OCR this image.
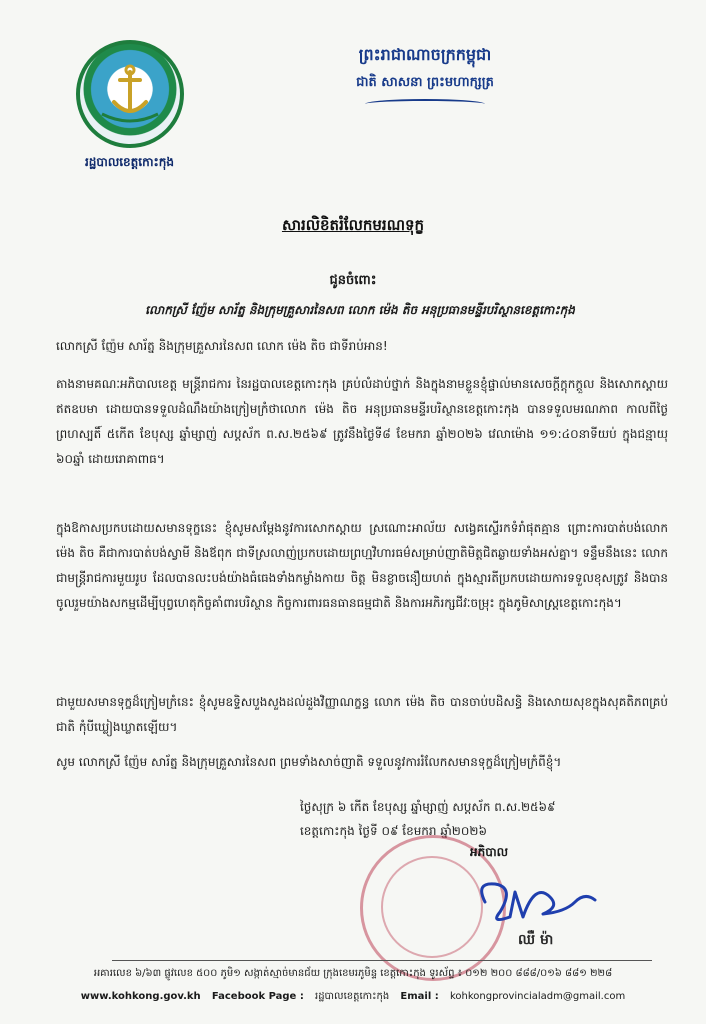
រដ្ឋបាលខេត្តកោះកុង
ព្រះរាជាណាចក្រកម្ពុជា
ជាតិ សាសនា ព្រះមហាក្សត្រ
សារលិខិតរំលែកមរណទុក្ខ
ជូនចំពោះ
លោកស្រី ញ៉ែម សារ័ត្ន និងក្រុមគ្រួសារនៃសព លោក ម៉េង តិច អនុប្រធានមន្ទីរបរិស្ថានខេត្តកោះកុង

លោកស្រី ញ៉ែម សារ័ត្ន និងក្រុមគ្រួសារនៃសព លោក ម៉េង តិច ជាទីរាប់អាន!

តាងនាមគណៈអភិបាលខេត្ត មន្ត្រីរាជការ នៃរដ្ឋបាលខេត្តកោះកុង គ្រប់លំដាប់ថ្នាក់ និងក្នុងនាមខ្លួនខ្ញុំផ្ទាល់មានសេចក្តីក្តុកក្តួល និងសោកស្តាយឥតឧបមា ដោយបានទទួលដំណឹងយ៉ាងក្រៀមក្រំថាលោក ម៉េង តិច អនុប្រធានមន្ទីរបរិស្ថានខេត្តកោះកុង បានទទួលមរណភាព កាលពីថ្ងៃព្រហស្បតិ៍ ៥កើត ខែបុស្ស ឆ្នាំម្សាញ់ សប្តស័ក ព.ស.២៥៦៩ ត្រូវនឹងថ្ងៃទី៨ ខែមករា ឆ្នាំ២០២៦ វេលាម៉ោង ១១:៤០នាទីយប់ ក្នុងជន្មាយុ ៦០ឆ្នាំ ដោយរោគាពាធ។

ក្នុងឱកាសប្រកបដោយសមានទុក្ខនេះ ខ្ញុំសូមសម្តែងនូវការសោកស្តាយ ស្រណោះអាល័យ សង្វេគស្ទើរកទំរាំផុតគ្មាន ព្រោះការបាត់បង់លោក ម៉េង តិច គឺជាការបាត់បង់ស្វាមី និងឪពុក ជាទីស្រលាញ់ប្រកបដោយព្រហ្មវិហារធម៌សម្រាប់ញាតិមិត្តជិតឆ្ងាយទាំងអស់គ្នា។ ទន្ទឹមនឹងនេះ លោក ជាមន្ត្រីរាជការមួយរូប ដែលបានលះបង់យ៉ាងធំធេងទាំងកម្លាំងកាយ ចិត្ត មិនខ្លាចនឿយហត់ ក្នុងស្មារតីប្រកបដោយការទទួលខុសត្រូវ និងបានចូលរួមយ៉ាងសកម្មដើម្បីបុព្វហេតុកិច្ចគាំពារបរិស្ថាន កិច្ចការពារធនធានធម្មជាតិ និងការអភិរក្សជីវៈចម្រុះ ក្នុងភូមិសាស្ត្រខេត្តកោះកុង។

ជាមួយសមានទុក្ខដ៏ក្រៀមក្រំនេះ ខ្ញុំសូមឧទ្ទិសបួងសួងដល់ដួងវិញ្ញាណក្ខន្ធ លោក ម៉េង តិច បានចាប់បដិសន្ធិ និងសោយសុខក្នុងសុគតិភពគ្រប់ជាតិ កុំបីឃ្លៀងឃ្លាតឡើយ។

សូម លោកស្រី ញ៉ែម សារ័ត្ន និងក្រុមគ្រួសារនៃសព ព្រមទាំងសាច់ញាតិ ទទួលនូវការរំលែកសមានទុក្ខដ៏ក្រៀមក្រំពីខ្ញុំ។

ថ្ងៃសុក្រ ៦ កើត ខែបុស្ស ឆ្នាំម្សាញ់ សប្តស័ក ព.ស.២៥៦៩
ខេត្តកោះកុង ថ្ងៃទី ០៩ ខែមករា ឆ្នាំ២០២៦
អភិបាល
ឈឺ ម៉ា
អគារលេខ ៦/៦៣ ផ្លូវលេខ ៥០០ ភូមិ១ សង្កាត់ស្មាច់មានជ័យ ក្រុងខេមរភូមិន្ទ ខេត្តកោះកុង ទូរស័ព្ទ ៖ ០១២ ២០០ ៨៨៨/០១៦ ៨៨១ ២២៨
www.kohkong.gov.kh Facebook Page : រដ្ឋបាលខេត្តកោះកុង Email : kohkongprovincialadm@gmail.com
